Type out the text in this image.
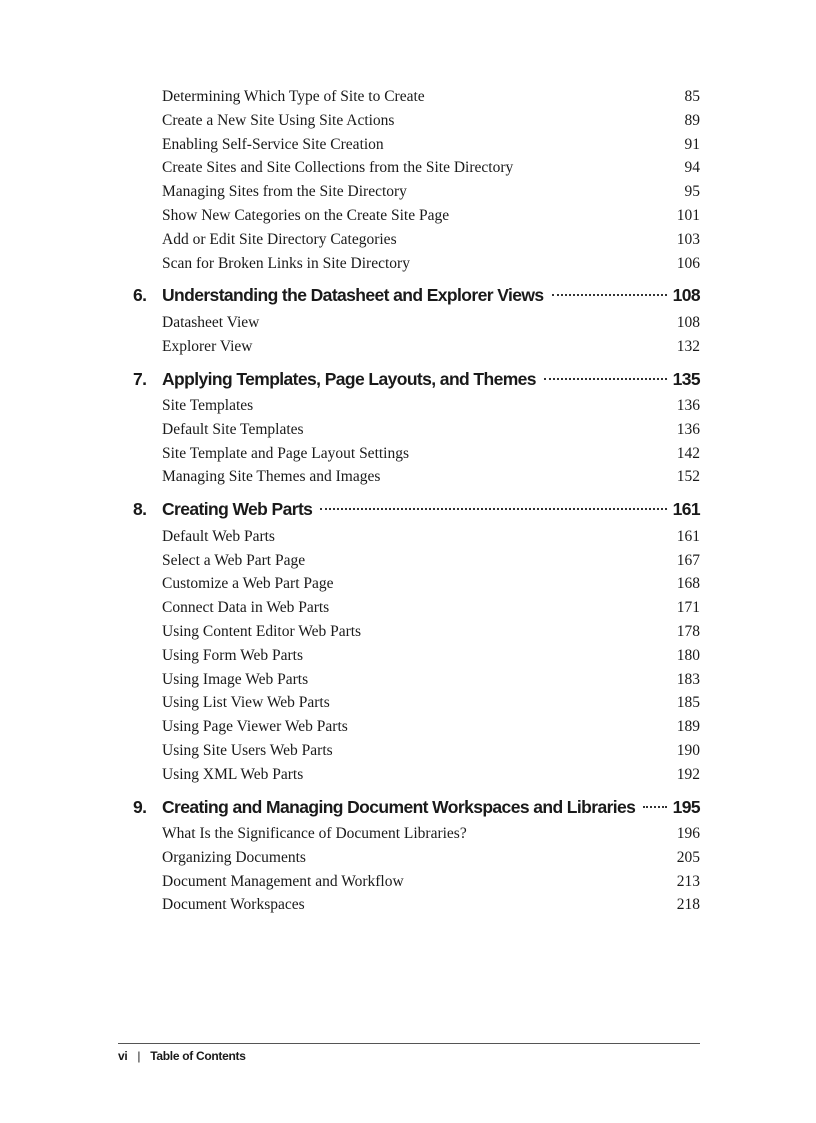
Determining Which Type of Site to Create	85
Create a New Site Using Site Actions	89
Enabling Self-Service Site Creation	91
Create Sites and Site Collections from the Site Directory	94
Managing Sites from the Site Directory	95
Show New Categories on the Create Site Page	101
Add or Edit Site Directory Categories	103
Scan for Broken Links in Site Directory	106
6. Understanding the Datasheet and Explorer Views	108
Datasheet View	108
Explorer View	132
7. Applying Templates, Page Layouts, and Themes	135
Site Templates	136
Default Site Templates	136
Site Template and Page Layout Settings	142
Managing Site Themes and Images	152
8. Creating Web Parts	161
Default Web Parts	161
Select a Web Part Page	167
Customize a Web Part Page	168
Connect Data in Web Parts	171
Using Content Editor Web Parts	178
Using Form Web Parts	180
Using Image Web Parts	183
Using List View Web Parts	185
Using Page Viewer Web Parts	189
Using Site Users Web Parts	190
Using XML Web Parts	192
9. Creating and Managing Document Workspaces and Libraries 195
What Is the Significance of Document Libraries?	196
Organizing Documents	205
Document Management and Workflow	213
Document Workspaces	218
vi | Table of Contents
